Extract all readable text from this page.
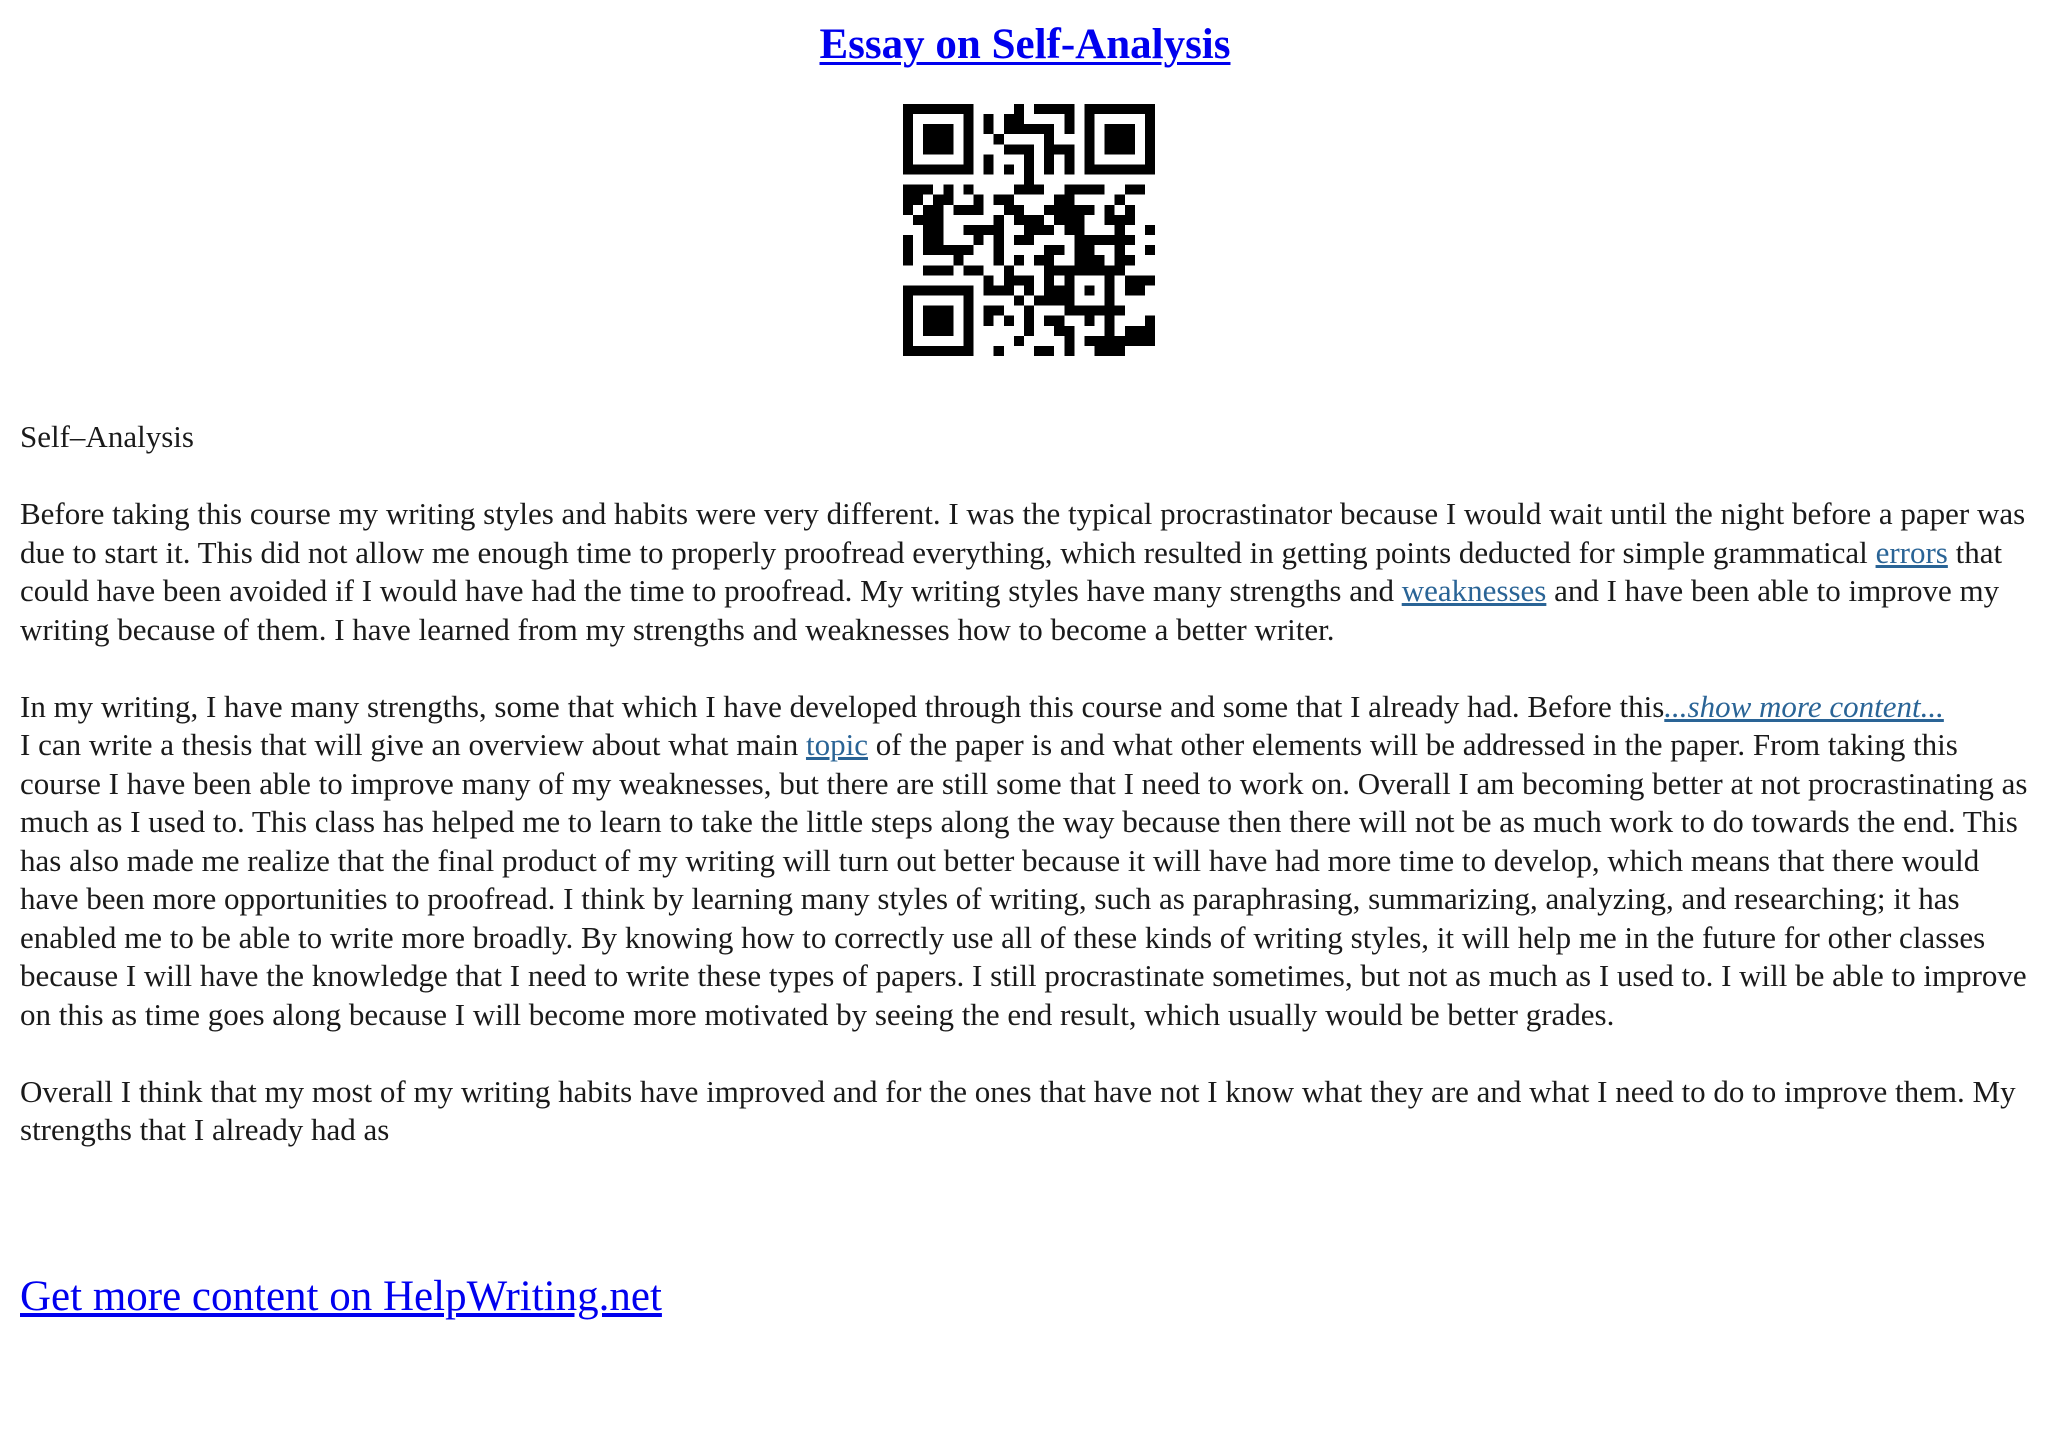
Essay on Self-Analysis

Self–Analysis

Before taking this course my writing styles and habits were very different. I was the typical procrastinator because I would wait until the night before a paper was due to start it. This did not allow me enough time to properly proofread everything, which resulted in getting points deducted for simple grammatical errors that could have been avoided if I would have had the time to proofread. My writing styles have many strengths and weaknesses and I have been able to improve my writing because of them. I have learned from my strengths and weaknesses how to become a better writer.

In my writing, I have many strengths, some that which I have developed through this course and some that I already had. Before this...show more content...

I can write a thesis that will give an overview about what main topic of the paper is and what other elements will be addressed in the paper. From taking this course I have been able to improve many of my weaknesses, but there are still some that I need to work on. Overall I am becoming better at not procrastinating as much as I used to. This class has helped me to learn to take the little steps along the way because then there will not be as much work to do towards the end. This has also made me realize that the final product of my writing will turn out better because it will have had more time to develop, which means that there would have been more opportunities to proofread. I think by learning many styles of writing, such as paraphrasing, summarizing, analyzing, and researching; it has enabled me to be able to write more broadly. By knowing how to correctly use all of these kinds of writing styles, it will help me in the future for other classes because I will have the knowledge that I need to write these types of papers. I still procrastinate sometimes, but not as much as I used to. I will be able to improve on this as time goes along because I will become more motivated by seeing the end result, which usually would be better grades.

Overall I think that my most of my writing habits have improved and for the ones that have not I know what they are and what I need to do to improve them. My strengths that I already had as

Get more content on HelpWriting.net
